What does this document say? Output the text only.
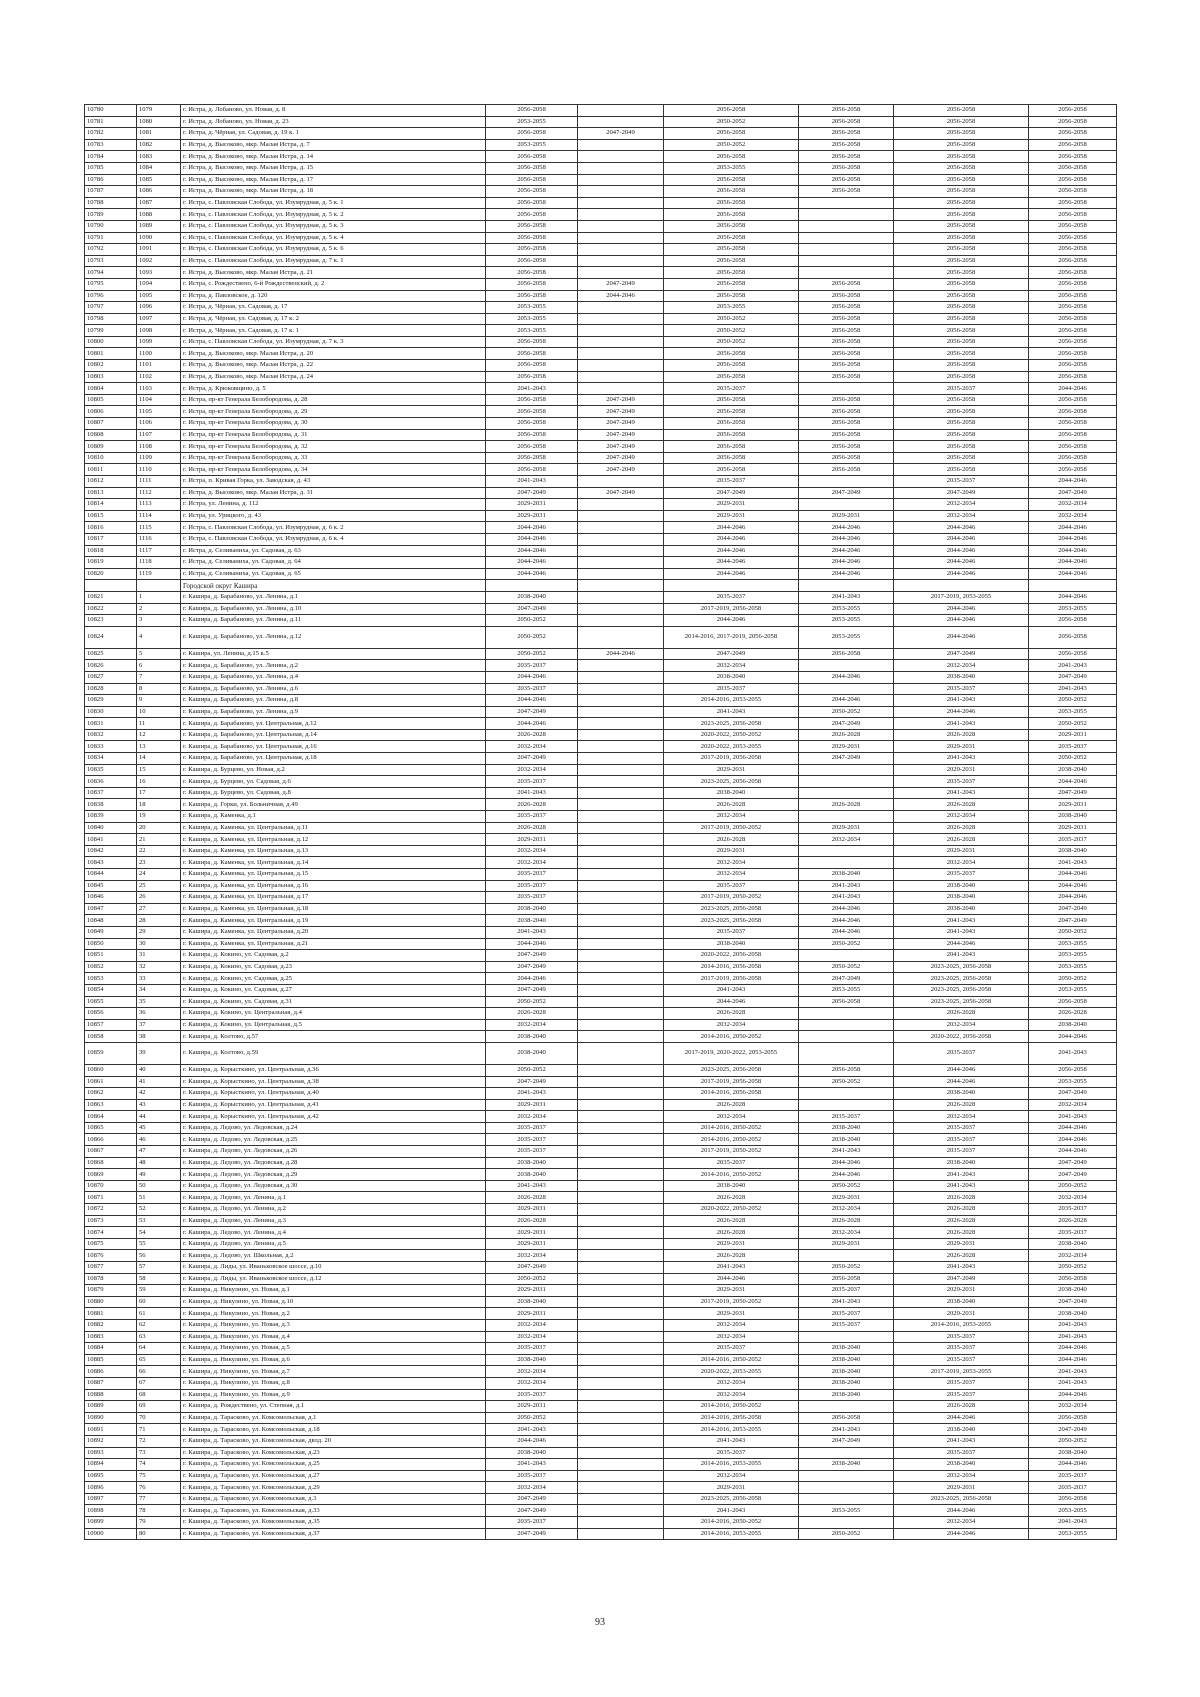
10780	1079	г. Истра, д. Лобаново, ул. Новая, д. 8	2056-2058		2056-2058	2056-2058	2056-2058	2056-2058
10781	1080	г. Истра, д. Лобаново, ул. Новая, д. 23	2053-2055		2050-2052	2056-2058	2056-2058	2056-2058
10782	1081	г. Истра, д. Чёрная, ул. Садовая, д. 19 к. 1	2056-2058	2047-2049	2056-2058	2056-2058	2056-2058	2056-2058
10783	1082	г. Истра, д. Высоково, мкр. Малая Истра, д. 7	2053-2055		2050-2052	2056-2058	2056-2058	2056-2058
10784	1083	г. Истра, д. Высоково, мкр. Малая Истра, д. 14	2056-2058		2056-2058	2056-2058	2056-2058	2056-2058
10785	1084	г. Истра, д. Высоково, мкр. Малая Истра, д. 15	2056-2058		2053-2055	2056-2058	2056-2058	2056-2058
10786	1085	г. Истра, д. Высоково, мкр. Малая Истра, д. 17	2056-2058		2056-2058	2056-2058	2056-2058	2056-2058
10787	1086	г. Истра, д. Высоково, мкр. Малая Истра, д. 18	2056-2058		2056-2058	2056-2058	2056-2058	2056-2058
10788	1087	г. Истра, с. Павловская Слобода, ул. Изумрудная, д. 5 к. 1	2056-2058		2056-2058		2056-2058	2056-2058
10789	1088	г. Истра, с. Павловская Слобода, ул. Изумрудная, д. 5 к. 2	2056-2058		2056-2058		2056-2058	2056-2058
10790	1089	г. Истра, с. Павловская Слобода, ул. Изумрудная, д. 5 к. 3	2056-2058		2056-2058		2056-2058	2056-2058
10791	1090	г. Истра, с. Павловская Слобода, ул. Изумрудная, д. 5 к. 4	2056-2058		2056-2058		2056-2058	2056-2058
10792	1091	г. Истра, с. Павловская Слобода, ул. Изумрудная, д. 5 к. 6	2056-2058		2056-2058		2056-2058	2056-2058
10793	1092	г. Истра, с. Павловская Слобода, ул. Изумрудная, д. 7 к. 1	2056-2058		2056-2058		2056-2058	2056-2058
10794	1093	г. Истра, д. Высоково, мкр. Малая Истра, д. 21	2056-2058		2056-2058		2056-2058	2056-2058
10795	1094	г. Истра, с. Рождествено, 6-й Рождественский, д. 2	2056-2058	2047-2049	2056-2058	2056-2058	2056-2058	2056-2058
10796	1095	г. Истра, д. Павловское, д. 120	2056-2058	2044-2046	2056-2058	2056-2058	2056-2058	2056-2058
10797	1096	г. Истра, д. Чёрная, ул. Садовая, д. 17	2053-2055		2053-2055	2056-2058	2056-2058	2056-2058
10798	1097	г. Истра, д. Чёрная, ул. Садовая, д. 17 к. 2	2053-2055		2050-2052	2056-2058	2056-2058	2056-2058
10799	1098	г. Истра, д. Чёрная, ул. Садовая, д. 17 к. 1	2053-2055		2050-2052	2056-2058	2056-2058	2056-2058
10800	1099	г. Истра, с. Павловская Слобода, ул. Изумрудная, д. 7 к. 3	2056-2058		2050-2052	2056-2058	2056-2058	2056-2058
10801	1100	г. Истра, д. Высоково, мкр. Малая Истра, д. 20	2056-2058		2056-2058	2056-2058	2056-2058	2056-2058
10802	1101	г. Истра, д. Высоково, мкр. Малая Истра, д. 22	2056-2058		2056-2058	2056-2058	2056-2058	2056-2058
10803	1102	г. Истра, д. Высоково, мкр. Малая Истра, д. 24	2056-2058		2056-2058	2056-2058	2056-2058	2056-2058
10804	1103	г. Истра, д. Крюковщино, д. 5	2041-2043		2035-2037		2035-2037	2044-2046
10805	1104	г. Истра, пр-кт Генерала Белобородова, д. 28	2056-2058	2047-2049	2056-2058	2056-2058	2056-2058	2056-2058
10806	1105	г. Истра, пр-кт Генерала Белобородова, д. 29	2056-2058	2047-2049	2056-2058	2056-2058	2056-2058	2056-2058
10807	1106	г. Истра, пр-кт Генерала Белобородова, д. 30	2056-2058	2047-2049	2056-2058	2056-2058	2056-2058	2056-2058
10808	1107	г. Истра, пр-кт Генерала Белобородова, д. 31	2056-2058	2047-2049	2056-2058	2056-2058	2056-2058	2056-2058
10809	1108	г. Истра, пр-кт Генерала Белобородова, д. 32	2056-2058	2047-2049	2056-2058	2056-2058	2056-2058	2056-2058
10810	1109	г. Истра, пр-кт Генерала Белобородова, д. 33	2056-2058	2047-2049	2056-2058	2056-2058	2056-2058	2056-2058
10811	1110	г. Истра, пр-кт Генерала Белобородова, д. 34	2056-2058	2047-2049	2056-2058	2056-2058	2056-2058	2056-2058
10812	1111	г. Истра, п. Кривая Горка, ул. Заводская, д. 43	2041-2043		2035-2037		2035-2037	2044-2046
10813	1112	г. Истра, д. Высоково, мкр. Малая Истра, д. 31	2047-2049	2047-2049	2047-2049	2047-2049	2047-2049	2047-2049
10814	1113	г. Истра, ул. Ленина, д. 112	2029-2031		2029-2031		2032-2034	2032-2034
10815	1114	г. Истра, ул. Урицкого, д. 43	2029-2031		2029-2031	2029-2031	2032-2034	2032-2034
10816	1115	г. Истра, с. Павловская Слобода, ул. Изумрудная, д. 6 к. 2	2044-2046		2044-2046	2044-2046	2044-2046	2044-2046
10817	1116	г. Истра, с. Павловская Слобода, ул. Изумрудная, д. 6 к. 4	2044-2046		2044-2046	2044-2046	2044-2046	2044-2046
10818	1117	г. Истра, д. Селиваниха, ул. Садовая, д. 63	2044-2046		2044-2046	2044-2046	2044-2046	2044-2046
10819	1118	г. Истра, д. Селиваниха, ул. Садовая, д. 64	2044-2046		2044-2046	2044-2046	2044-2046	2044-2046
10820	1119	г. Истра, д. Селиваниха, ул. Садовая, д. 65	2044-2046		2044-2046	2044-2046	2044-2046	2044-2046
		Городской округ Кашира						
10821	1	г. Кашира, д. Барабаново, ул. Ленина, д.1	2038-2040		2035-2037	2041-2043	2017-2019, 2053-2055	2044-2046
10822	2	г. Кашира, д. Барабаново, ул. Ленина, д.10	2047-2049		2017-2019, 2056-2058	2053-2055	2044-2046	2053-2055
10823	3	г. Кашира, д. Барабаново, ул. Ленина, д.11	2050-2052		2044-2046	2053-2055	2044-2046	2056-2058
10824	4	г. Кашира, д. Барабаново, ул. Ленина, д.12	2050-2052		2014-2016, 2017-2019, 2056-2058	2053-2055	2044-2046	2056-2058
10825	5	г. Кашира, ул. Ленина, д.15 к.5	2050-2052	2044-2046	2047-2049	2056-2058	2047-2049	2056-2058
10826	6	г. Кашира, д. Барабаново, ул. Ленина, д.2	2035-2037		2032-2034		2032-2034	2041-2043
10827	7	г. Кашира, д. Барабаново, ул. Ленина, д.4	2044-2046		2038-2040	2044-2046	2038-2040	2047-2049
10828	8	г. Кашира, д. Барабаново, ул. Ленина, д.6	2035-2037		2035-2037		2035-2037	2041-2043
10829	9	г. Кашира, д. Барабаново, ул. Ленина, д.8	2044-2046		2014-2016, 2053-2055	2044-2046	2041-2043	2050-2052
10830	10	г. Кашира, д. Барабаново, ул. Ленина, д.9	2047-2049		2041-2043	2050-2052	2044-2046	2053-2055
10831	11	г. Кашира, д. Барабаново, ул. Центральная, д.12	2044-2046		2023-2025, 2056-2058	2047-2049	2041-2043	2050-2052
10832	12	г. Кашира, д. Барабаново, ул. Центральная, д.14	2026-2028		2020-2022, 2050-2052	2026-2028	2026-2028	2029-2031
10833	13	г. Кашира, д. Барабаново, ул. Центральная, д.16	2032-2034		2020-2022, 2053-2055	2029-2031	2029-2031	2035-2037
10834	14	г. Кашира, д. Барабаново, ул. Центральная, д.18	2047-2049		2017-2019, 2056-2058	2047-2049	2041-2043	2050-2052
10835	15	г. Кашира, д. Бурцево, ул. Новая, д.2	2032-2034		2029-2031		2029-2031	2038-2040
10836	16	г. Кашира, д. Бурцево, ул. Садовая, д.6	2035-2037		2023-2025, 2056-2058		2035-2037	2044-2046
10837	17	г. Кашира, д. Бурцево, ул. Садовая, д.8	2041-2043		2038-2040		2041-2043	2047-2049
10838	18	г. Кашира, д. Горки, ул. Больничная, д.49	2026-2028		2026-2028	2026-2028	2026-2028	2029-2031
10839	19	г. Кашира, д. Каменка, д.1	2035-2037		2032-2034		2032-2034	2038-2040
10840	20	г. Кашира, д. Каменка, ул. Центральная, д.11	2026-2028		2017-2019, 2050-2052	2029-2031	2026-2028	2029-2031
10841	21	г. Кашира, д. Каменка, ул. Центральная, д.12	2029-2031		2026-2028	2032-2034	2026-2028	2035-2037
10842	22	г. Кашира, д. Каменка, ул. Центральная, д.13	2032-2034		2029-2031		2029-2031	2038-2040
10843	23	г. Кашира, д. Каменка, ул. Центральная, д.14	2032-2034		2032-2034		2032-2034	2041-2043
10844	24	г. Кашира, д. Каменка, ул. Центральная, д.15	2035-2037		2032-2034	2038-2040	2035-2037	2044-2046
10845	25	г. Кашира, д. Каменка, ул. Центральная, д.16	2035-2037		2035-2037	2041-2043	2038-2040	2044-2046
10846	26	г. Кашира, д. Каменка, ул. Центральная, д.17	2035-2037		2017-2019, 2050-2052	2041-2043	2038-2040	2044-2046
10847	27	г. Кашира, д. Каменка, ул. Центральная, д.18	2038-2040		2023-2025, 2056-2058	2044-2046	2038-2040	2047-2049
10848	28	г. Кашира, д. Каменка, ул. Центральная, д.19	2038-2040		2023-2025, 2056-2058	2044-2046	2041-2043	2047-2049
10849	29	г. Кашира, д. Каменка, ул. Центральная, д.20	2041-2043		2035-2037	2044-2046	2041-2043	2050-2052
10850	30	г. Кашира, д. Каменка, ул. Центральная, д.21	2044-2046		2038-2040	2050-2052	2044-2046	2053-2055
10851	31	г. Кашира, д. Кокино, ул. Садовая, д.2	2047-2049		2020-2022, 2056-2058		2041-2043	2053-2055
10852	32	г. Кашира, д. Кокино, ул. Садовая, д.23	2047-2049		2014-2016, 2056-2058	2050-2052	2023-2025, 2056-2058	2053-2055
10853	33	г. Кашира, д. Кокино, ул. Садовая, д.25	2044-2046		2017-2019, 2056-2058	2047-2049	2023-2025, 2056-2058	2050-2052
10854	34	г. Кашира, д. Кокино, ул. Садовая, д.27	2047-2049		2041-2043	2053-2055	2023-2025, 2056-2058	2053-2055
10855	35	г. Кашира, д. Кокино, ул. Садовая, д.31	2050-2052		2044-2046	2056-2058	2023-2025, 2056-2058	2056-2058
10856	36	г. Кашира, д. Кокино, ул. Центральная, д.4	2026-2028		2026-2028		2026-2028	2026-2028
10857	37	г. Кашира, д. Кокино, ул. Центральная, д.5	2032-2034		2032-2034		2032-2034	2038-2040
10858	38	г. Кашира, д. Колтово, д.57	2038-2040		2014-2016, 2050-2052		2020-2022, 2056-2058	2044-2046
10859	39	г. Кашира, д. Колтово, д.59	2038-2040		2017-2019, 2020-2022, 2053-2055		2035-2037	2041-2043
10860	40	г. Кашира, д. Корысткино, ул. Центральная, д.36	2050-2052		2023-2025, 2056-2058	2056-2058	2044-2046	2056-2058
10861	41	г. Кашира, д. Корысткино, ул. Центральная, д.38	2047-2049		2017-2019, 2056-2058	2050-2052	2044-2046	2053-2055
10862	42	г. Кашира, д. Корысткино, ул. Центральная, д.40	2041-2043		2014-2016, 2056-2058		2038-2040	2047-2049
10863	43	г. Кашира, д. Корысткино, ул. Центральная, д.41	2029-2031		2026-2028		2026-2028	2032-2034
10864	44	г. Кашира, д. Корысткино, ул. Центральная, д.42	2032-2034		2032-2034	2035-2037	2032-2034	2041-2043
10865	45	г. Кашира, д. Ледово, ул. Ледовская, д.24	2035-2037		2014-2016, 2050-2052	2038-2040	2035-2037	2044-2046
10866	46	г. Кашира, д. Ледово, ул. Ледовская, д.25	2035-2037		2014-2016, 2050-2052	2038-2040	2035-2037	2044-2046
10867	47	г. Кашира, д. Ледово, ул. Ледовская, д.26	2035-2037		2017-2019, 2050-2052	2041-2043	2035-2037	2044-2046
10868	48	г. Кашира, д. Ледово, ул. Ледовская, д.28	2038-2040		2035-2037	2044-2046	2038-2040	2047-2049
10869	49	г. Кашира, д. Ледово, ул. Ледовская, д.29	2038-2040		2014-2016, 2050-2052	2044-2046	2041-2043	2047-2049
10870	50	г. Кашира, д. Ледово, ул. Ледовская, д.30	2041-2043		2038-2040	2050-2052	2041-2043	2050-2052
10871	51	г. Кашира, д. Ледово, ул. Ленина, д.1	2026-2028		2026-2028	2029-2031	2026-2028	2032-2034
10872	52	г. Кашира, д. Ледово, ул. Ленина, д.2	2029-2031		2020-2022, 2050-2052	2032-2034	2026-2028	2035-2037
10873	53	г. Кашира, д. Ледово, ул. Ленина, д.3	2026-2028		2026-2028	2026-2028	2026-2028	2026-2028
10874	54	г. Кашира, д. Ледово, ул. Ленина, д.4	2029-2031		2026-2028	2032-2034	2026-2028	2035-2037
10875	55	г. Кашира, д. Ледово, ул. Ленина, д.5	2029-2031		2029-2031	2029-2031	2029-2031	2038-2040
10876	56	г. Кашира, д. Ледово, ул. Школьная, д.2	2032-2034		2026-2028		2026-2028	2032-2034
10877	57	г. Кашира, д. Лиды, ул. Иваньковское шоссе, д.10	2047-2049		2041-2043	2050-2052	2041-2043	2050-2052
10878	58	г. Кашира, д. Лиды, ул. Иваньковское шоссе, д.12	2050-2052		2044-2046	2056-2058	2047-2049	2056-2058
10879	59	г. Кашира, д. Никулино, ул. Новая, д.1	2029-2031		2029-2031	2035-2037	2029-2031	2038-2040
10880	60	г. Кашира, д. Никулино, ул. Новая, д.10	2038-2040		2017-2019, 2050-2052	2041-2043	2038-2040	2047-2049
10881	61	г. Кашира, д. Никулино, ул. Новая, д.2	2029-2031		2029-2031	2035-2037	2029-2031	2038-2040
10882	62	г. Кашира, д. Никулино, ул. Новая, д.3	2032-2034		2032-2034	2035-2037	2014-2016, 2053-2055	2041-2043
10883	63	г. Кашира, д. Никулино, ул. Новая, д.4	2032-2034		2032-2034		2035-2037	2041-2043
10884	64	г. Кашира, д. Никулино, ул. Новая, д.5	2035-2037		2035-2037	2038-2040	2035-2037	2044-2046
10885	65	г. Кашира, д. Никулино, ул. Новая, д.6	2038-2040		2014-2016, 2050-2052	2038-2040	2035-2037	2044-2046
10886	66	г. Кашира, д. Никулино, ул. Новая, д.7	2032-2034		2020-2022, 2053-2055	2038-2040	2017-2019, 2053-2055	2041-2043
10887	67	г. Кашира, д. Никулино, ул. Новая, д.8	2032-2034		2032-2034	2038-2040	2035-2037	2041-2043
10888	68	г. Кашира, д. Никулино, ул. Новая, д.9	2035-2037		2032-2034	2038-2040	2035-2037	2044-2046
10889	69	г. Кашира, д. Рождествено, ул. Степная, д.1	2029-2031		2014-2016, 2050-2052		2026-2028	2032-2034
10890	70	г. Кашира, д. Тарасково, ул. Комсомольская, д.1	2050-2052		2014-2016, 2056-2058	2056-2058	2044-2046	2056-2058
10891	71	г. Кашира, д. Тарасково, ул. Комсомольская, д.18	2041-2043		2014-2016, 2053-2055	2041-2043	2038-2040	2047-2049
10892	72	г. Кашира, д. Тарасково, ул. Комсомольская, двлд. 20	2044-2046		2041-2043	2047-2049	2041-2043	2050-2052
10893	73	г. Кашира, д. Тарасково, ул. Комсомольская, д.23	2038-2040		2035-2037		2035-2037	2038-2040
10894	74	г. Кашира, д. Тарасково, ул. Комсомольская, д.25	2041-2043		2014-2016, 2053-2055	2038-2040	2038-2040	2044-2046
10895	75	г. Кашира, д. Тарасково, ул. Комсомольская, д.27	2035-2037		2032-2034		2032-2034	2035-2037
10896	76	г. Кашира, д. Тарасково, ул. Комсомольская, д.29	2032-2034		2029-2031		2029-2031	2035-2037
10897	77	г. Кашира, д. Тарасково, ул. Комсомольская, д.3	2047-2049		2023-2025, 2056-2058		2023-2025, 2056-2058	2056-2058
10898	78	г. Кашира, д. Тарасково, ул. Комсомольская, д.33	2047-2049		2041-2043	2053-2055	2044-2046	2053-2055
10899	79	г. Кашира, д. Тарасково, ул. Комсомольская, д.35	2035-2037		2014-2016, 2050-2052		2032-2034	2041-2043
10900	80	г. Кашира, д. Тарасково, ул. Комсомольская, д.37	2047-2049		2014-2016, 2053-2055	2050-2052	2044-2046	2053-2055
93
